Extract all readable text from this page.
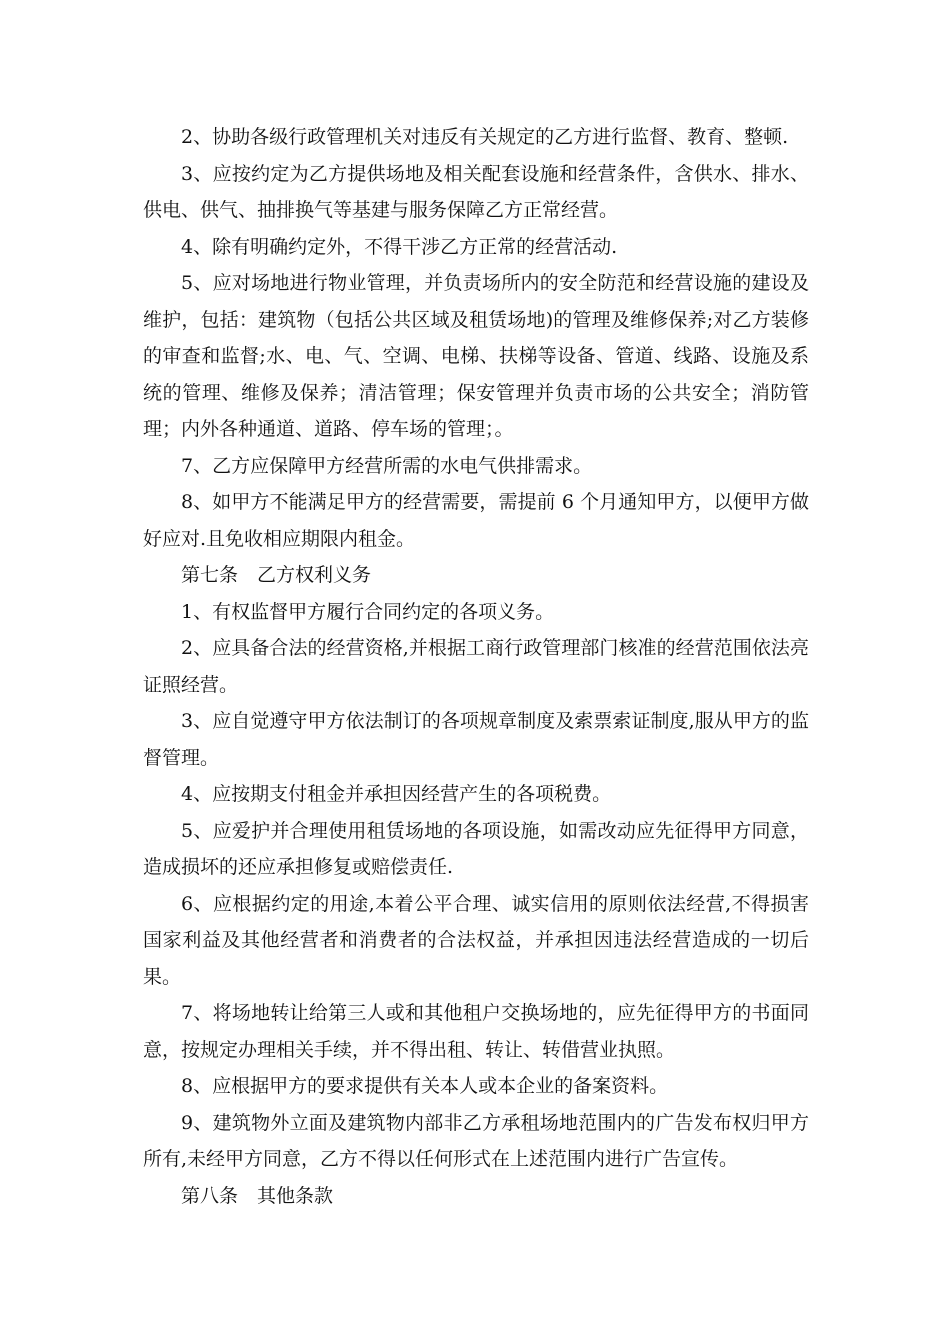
2、协助各级行政管理机关对违反有关规定的乙方进行监督、教育、整顿.

3、应按约定为乙方提供场地及相关配套设施和经营条件，含供水、排水、供电、供气、抽排换气等基建与服务保障乙方正常经营。

4、除有明确约定外，不得干涉乙方正常的经营活动.

5、应对场地进行物业管理，并负责场所内的安全防范和经营设施的建设及维护，包括：建筑物（包括公共区域及租赁场地)的管理及维修保养;对乙方装修的审查和监督;水、电、气、空调、电梯、扶梯等设备、管道、线路、设施及系统的管理、维修及保养；清洁管理；保安管理并负责市场的公共安全；消防管理；内外各种通道、道路、停车场的管理；。

7、乙方应保障甲方经营所需的水电气供排需求。

8、如甲方不能满足甲方的经营需要，需提前 6 个月通知甲方，以便甲方做好应对.且免收相应期限内租金。

第七条　乙方权利义务

1、有权监督甲方履行合同约定的各项义务。

2、应具备合法的经营资格,并根据工商行政管理部门核准的经营范围依法亮证照经营。

3、应自觉遵守甲方依法制订的各项规章制度及索票索证制度,服从甲方的监督管理。

4、应按期支付租金并承担因经营产生的各项税费。

5、应爱护并合理使用租赁场地的各项设施，如需改动应先征得甲方同意，造成损坏的还应承担修复或赔偿责任.

6、应根据约定的用途,本着公平合理、诚实信用的原则依法经营,不得损害国家利益及其他经营者和消费者的合法权益，并承担因违法经营造成的一切后果。

7、将场地转让给第三人或和其他租户交换场地的，应先征得甲方的书面同意，按规定办理相关手续，并不得出租、转让、转借营业执照。

8、应根据甲方的要求提供有关本人或本企业的备案资料。

9、建筑物外立面及建筑物内部非乙方承租场地范围内的广告发布权归甲方所有,未经甲方同意，乙方不得以任何形式在上述范围内进行广告宣传。

第八条　其他条款
